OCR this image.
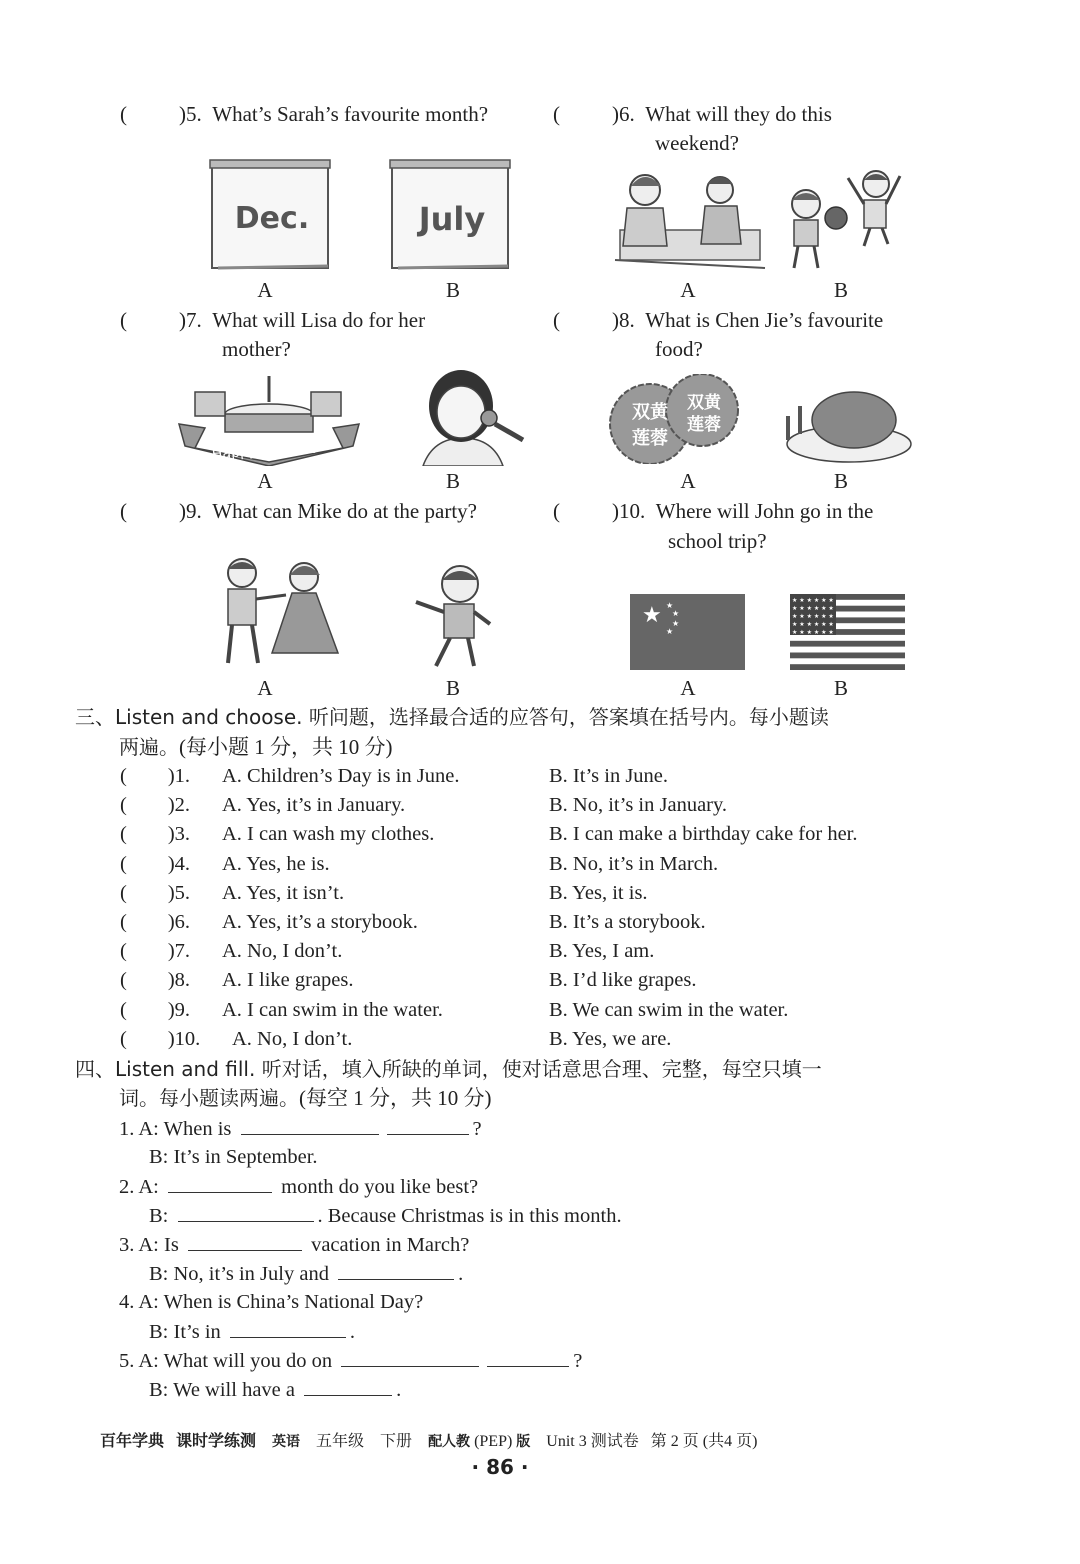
( )5. What’s Sarah’s favourite month?	( )6. What will they do this
weekend?
Dec.	July
A	B	A	B
( )7. What will Lisa do for her
mother?
( )8. What is Chen Jie’s favourite
food?
Happy birthday!
双黄
莲蓉
双黄
莲蓉
A	B	A	B
( )9. What can Mike do at the party?	( )10. Where will John go in the
school trip?
★ ★
★
★
★
★ ★ ★ ★ ★ ★
★ ★ ★ ★ ★ ★
★ ★ ★ ★ ★ ★
★ ★ ★ ★ ★ ★
★ ★ ★ ★ ★ ★
A	B	A	B
三、Listen and choose. 听问题，选择最合适的应答句，答案填在括号内。每小题读
两遍。(每小题 1 分，共 10 分)
(　　)1. A. Children’s Day is in June.	B. It’s in June.
(　　)2. A. Yes, it’s in January.	B. No, it’s in January.
(　　)3. A. I can wash my clothes.	B. I can make a birthday cake for her.
(　　)4. A. Yes, he is.	B. No, it’s in March.
(　　)5. A. Yes, it isn’t.	B. Yes, it is.
(　　)6. A. Yes, it’s a storybook.	B. It’s a storybook.
(　　)7. A. No, I don’t.	B. Yes, I am.
(　　)8. A. I like grapes.	B. I’d like grapes.
(　　)9. A. I can swim in the water.	B. We can swim in the water.
(　　)10. A. No, I don’t.	B. Yes, we are.
四、Listen and fill. 听对话，填入所缺的单词，使对话意思合理、完整，每空只填一
词。每小题读两遍。(每空 1 分，共 10 分)
1. A: When is	?
B: It’s in September.
2. A:	month do you like best?
B:	. Because Christmas is in this month.
3. A: Is	vacation in March?
B: No, it’s in July and	.
4. A: When is China’s National Day?
B: It’s in	.
5. A: What will you do on	?
B: We will have a	.
百年学典 课时学练测 英语 五年级 下册 配人教 (PEP) 版 Unit 3 测试卷 第 2 页 (共4 页)
· 86 ·
